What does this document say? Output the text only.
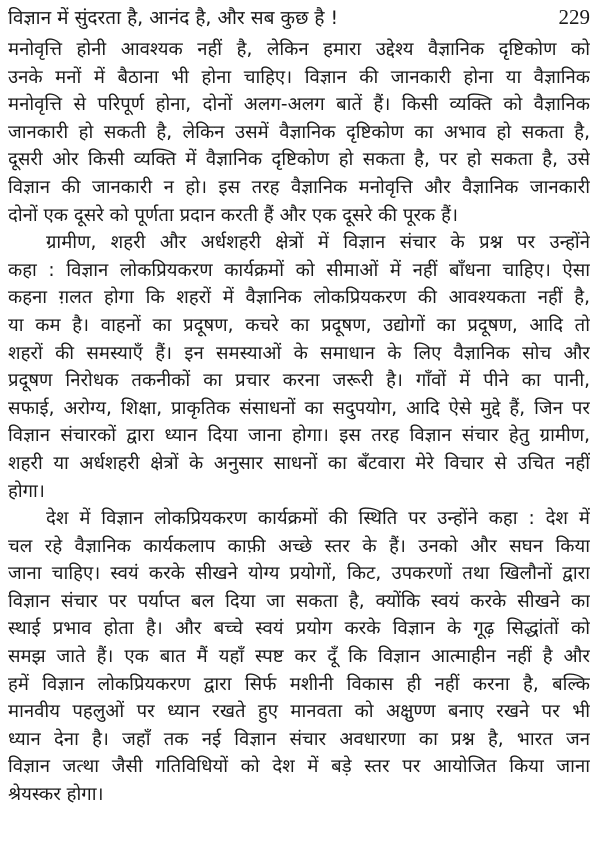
विज्ञान में सुंदरता है, आनंद है, और सब कुछ है !	229
मनोवृत्ति होनी आवश्यक नहीं है, लेकिन हमारा उद्देश्य वैज्ञानिक दृष्टिकोण को
उनके मनों में बैठाना भी होना चाहिए। विज्ञान की जानकारी होना या वैज्ञानिक
मनोवृत्ति से परिपूर्ण होना, दोनों अलग-अलग बातें हैं। किसी व्यक्ति को वैज्ञानिक
जानकारी हो सकती है, लेकिन उसमें वैज्ञानिक दृष्टिकोण का अभाव हो सकता है,
दूसरी ओर किसी व्यक्ति में वैज्ञानिक दृष्टिकोण हो सकता है, पर हो सकता है, उसे
विज्ञान की जानकारी न हो। इस तरह वैज्ञानिक मनोवृत्ति और वैज्ञानिक जानकारी
दोनों एक दूसरे को पूर्णता प्रदान करती हैं और एक दूसरे की पूरक हैं।
ग्रामीण, शहरी और अर्धशहरी क्षेत्रों में विज्ञान संचार के प्रश्न पर उन्होंने
कहा : विज्ञान लोकप्रियकरण कार्यक्रमों को सीमाओं में नहीं बाँधना चाहिए। ऐसा
कहना ग़लत होगा कि शहरों में वैज्ञानिक लोकप्रियकरण की आवश्यकता नहीं है,
या कम है। वाहनों का प्रदूषण, कचरे का प्रदूषण, उद्योगों का प्रदूषण, आदि तो
शहरों की समस्याएँ हैं। इन समस्याओं के समाधान के लिए वैज्ञानिक सोच और
प्रदूषण निरोधक तकनीकों का प्रचार करना जरूरी है। गाँवों में पीने का पानी,
सफाई, अरोग्य, शिक्षा, प्राकृतिक संसाधनों का सदुपयोग, आदि ऐसे मुद्दे हैं, जिन पर
विज्ञान संचारकों द्वारा ध्यान दिया जाना होगा। इस तरह विज्ञान संचार हेतु ग्रामीण,
शहरी या अर्धशहरी क्षेत्रों के अनुसार साधनों का बँटवारा मेरे विचार से उचित नहीं
होगा।
देश में विज्ञान लोकप्रियकरण कार्यक्रमों की स्थिति पर उन्होंने कहा : देश में
चल रहे वैज्ञानिक कार्यकलाप काफ़ी अच्छे स्तर के हैं। उनको और सघन किया
जाना चाहिए। स्वयं करके सीखने योग्य प्रयोगों, किट, उपकरणों तथा खिलौनों द्वारा
विज्ञान संचार पर पर्याप्त बल दिया जा सकता है, क्योंकि स्वयं करके सीखने का
स्थाई प्रभाव होता है। और बच्चे स्वयं प्रयोग करके विज्ञान के गूढ़ सिद्धांतों को
समझ जाते हैं। एक बात मैं यहाँ स्पष्ट कर दूँ कि विज्ञान आत्माहीन नहीं है और
हमें विज्ञान लोकप्रियकरण द्वारा सिर्फ मशीनी विकास ही नहीं करना है, बल्कि
मानवीय पहलुओं पर ध्यान रखते हुए मानवता को अक्षुण्ण बनाए रखने पर भी
ध्यान देना है। जहाँ तक नई विज्ञान संचार अवधारणा का प्रश्न है, भारत जन
विज्ञान जत्था जैसी गतिविधियों को देश में बड़े स्तर पर आयोजित किया जाना
श्रेयस्कर होगा।
